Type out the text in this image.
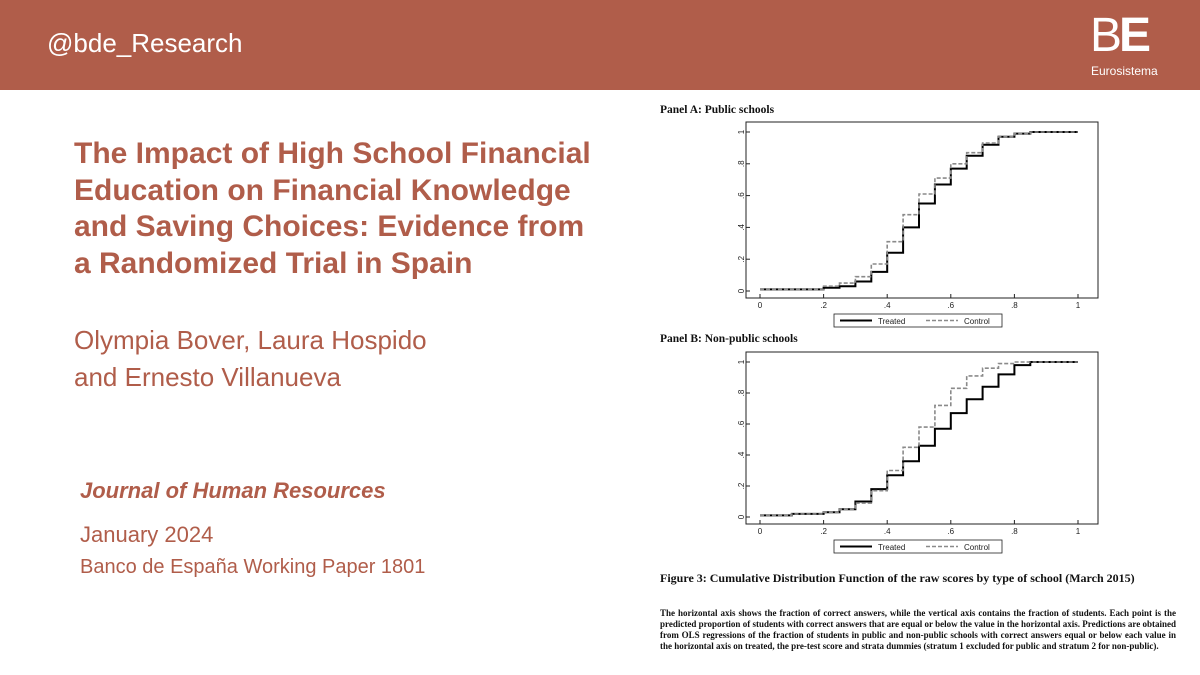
@bde_Research	BE
Eurosistema
The Impact of High School Financial Education on Financial Knowledge and Saving Choices: Evidence from a Randomized Trial in Spain
Olympia Bover, Laura Hospido
and Ernesto Villanueva
Journal of Human Resources
January 2024
Banco de España Working Paper 1801
Panel A: Public schools
0
.2
.4
.6
.8
1
0	.2	.4	.6	.8	1
Treated	Control
Panel B: Non-public schools
0
.2
.4
.6
.8
1
0	.2	.4	.6	.8	1
Treated	Control
Figure 3: Cumulative Distribution Function of the raw scores by type of school (March 2015)
The horizontal axis shows the fraction of correct answers, while the vertical axis contains the fraction of students. Each point is the predicted proportion of students with correct answers that are equal or below the value in the horizontal axis. Predictions are obtained from OLS regressions of the fraction of students in public and non-public schools with correct answers equal or below each value in the horizontal axis on treated, the pre-test score and strata dummies (stratum 1 excluded for public and stratum 2 for non-public).
